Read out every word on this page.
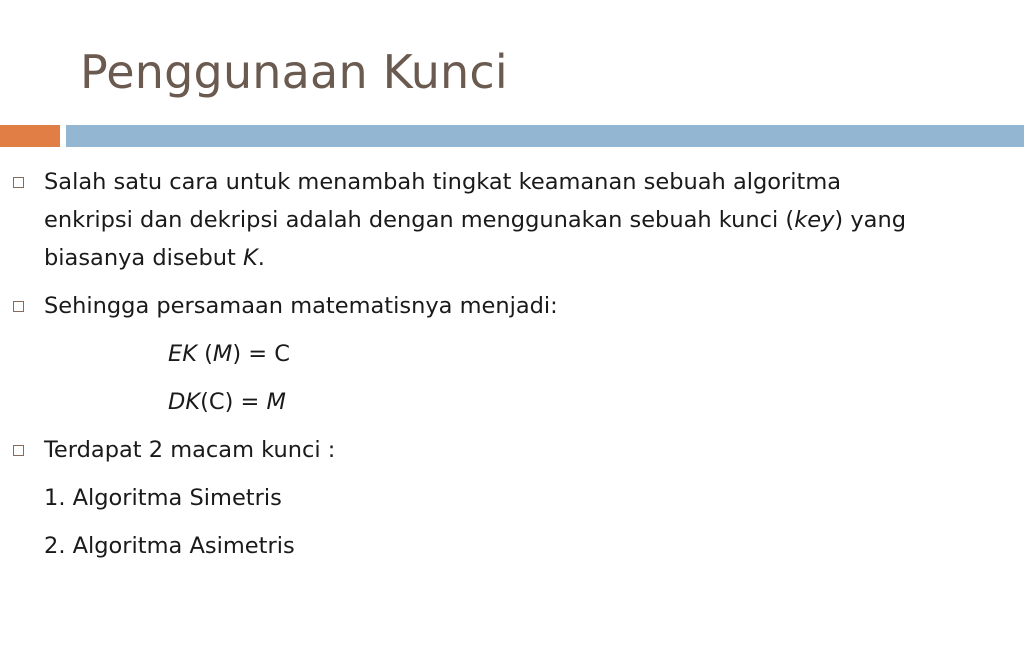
Penggunaan Kunci
Salah satu cara untuk menambah tingkat keamanan sebuah algoritma
enkripsi dan dekripsi adalah dengan menggunakan sebuah kunci (key) yang
biasanya disebut K.
Sehingga persamaan matematisnya menjadi:
EK (M) = C
DK(C) = M
Terdapat 2 macam kunci :
1. Algoritma Simetris
2. Algoritma Asimetris
